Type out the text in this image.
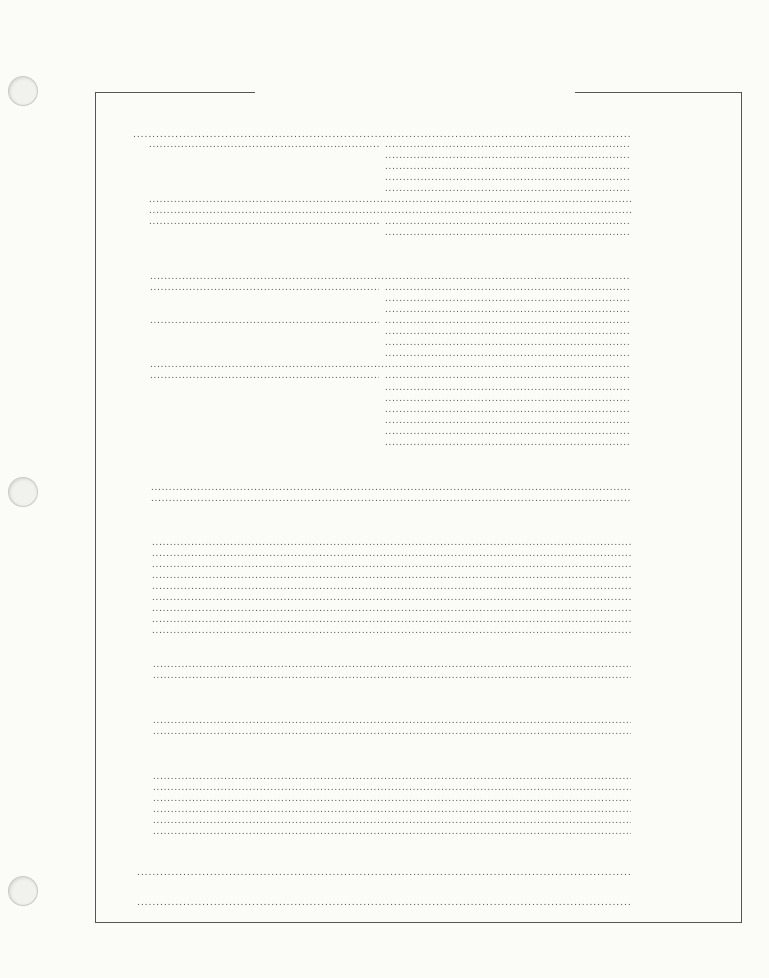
. . .
. . .
. . .
. . .
. . .
. . .
. . .
. . .
. . .
. . .
. . .
. . .
. . .
. . .
. . .
. . .
. . .
. . .
. . .
. . .
. . .
. . .
. . .
. . .
. . .
. . .
. . .
. . .
. . .
. . .
. . .
. . .
. . .
. . .
. . .
. . .
. . .
. . .
. . .
. . .
. . .
. . .
. . .
. . .
. . .
. . .
. . .
. . .
. . .
. . .
. . .
. . .
. . .
. . .
